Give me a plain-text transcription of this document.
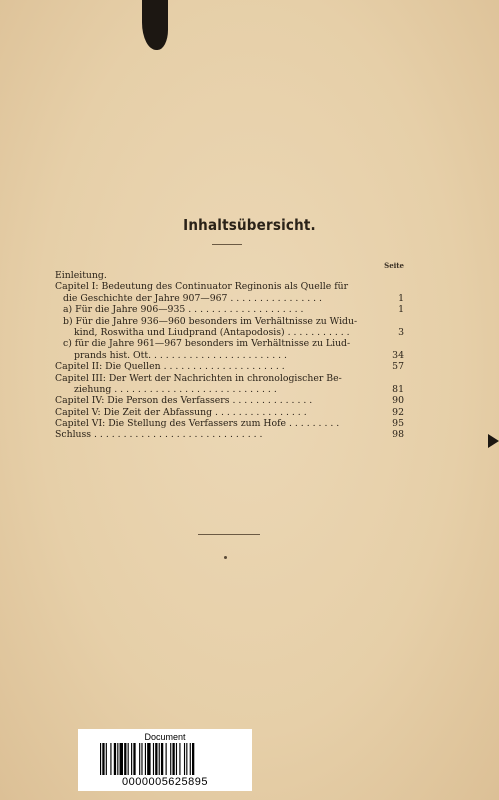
Inhaltsübersicht.
Seite
Einleitung.
Capitel I: Bedeutung des Continuator Reginonis als Quelle für
die Geschichte der Jahre 907—967 . . . . . . . . . . . . . . . .	1
a) Für die Jahre 906—935 . . . . . . . . . . . . . . . . . . . .	1
b) Für die Jahre 936—960 besonders im Verhältnisse zu Widu-
kind, Roswitha und Liudprand (Antapodosis) . . . . . . . . . . .	3
c) für die Jahre 961—967 besonders im Verhältnisse zu Liud-
prands hist. Ott. . . . . . . . . . . . . . . . . . . . . . . .	34
Capitel II: Die Quellen . . . . . . . . . . . . . . . . . . . . .	57
Capitel III: Der Wert der Nachrichten in chronologischer Be-
ziehung . . . . . . . . . . . . . . . . . . . . . . . . . . . .	81
Capitel IV: Die Person des Verfassers . . . . . . . . . . . . . .	90
Capitel V: Die Zeit der Abfassung . . . . . . . . . . . . . . . .	92
Capitel VI: Die Stellung des Verfassers zum Hofe . . . . . . . . .	95
Schluss . . . . . . . . . . . . . . . . . . . . . . . . . . . . .	98
Document
0000005625895
